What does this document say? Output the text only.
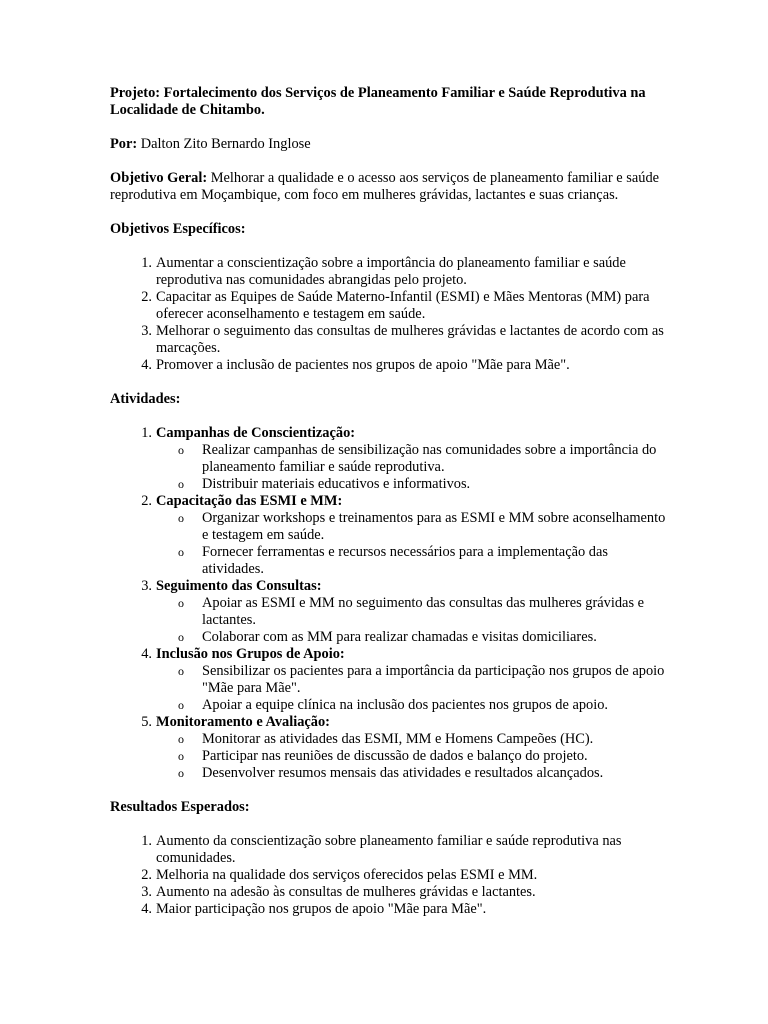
Projeto: Fortalecimento dos Serviços de Planeamento Familiar e Saúde Reprodutiva na Localidade de Chitambo.

Por: Dalton Zito Bernardo Inglose

Objetivo Geral: Melhorar a qualidade e o acesso aos serviços de planeamento familiar e saúde reprodutiva em Moçambique, com foco em mulheres grávidas, lactantes e suas crianças.

Objetivos Específicos:

1. Aumentar a conscientização sobre a importância do planeamento familiar e saúde reprodutiva nas comunidades abrangidas pelo projeto.
2. Capacitar as Equipes de Saúde Materno-Infantil (ESMI) e Mães Mentoras (MM) para oferecer aconselhamento e testagem em saúde.
3. Melhorar o seguimento das consultas de mulheres grávidas e lactantes de acordo com as marcações.
4. Promover a inclusão de pacientes nos grupos de apoio "Mãe para Mãe".

Atividades:

1. Campanhas de Conscientização:
o Realizar campanhas de sensibilização nas comunidades sobre a importância do planeamento familiar e saúde reprodutiva.
o Distribuir materiais educativos e informativos.
2. Capacitação das ESMI e MM:
o Organizar workshops e treinamentos para as ESMI e MM sobre aconselhamento e testagem em saúde.
o Fornecer ferramentas e recursos necessários para a implementação das atividades.
3. Seguimento das Consultas:
o Apoiar as ESMI e MM no seguimento das consultas das mulheres grávidas e lactantes.
o Colaborar com as MM para realizar chamadas e visitas domiciliares.
4. Inclusão nos Grupos de Apoio:
o Sensibilizar os pacientes para a importância da participação nos grupos de apoio "Mãe para Mãe".
o Apoiar a equipe clínica na inclusão dos pacientes nos grupos de apoio.
5. Monitoramento e Avaliação:
o Monitorar as atividades das ESMI, MM e Homens Campeões (HC).
o Participar nas reuniões de discussão de dados e balanço do projeto.
o Desenvolver resumos mensais das atividades e resultados alcançados.

Resultados Esperados:

1. Aumento da conscientização sobre planeamento familiar e saúde reprodutiva nas comunidades.
2. Melhoria na qualidade dos serviços oferecidos pelas ESMI e MM.
3. Aumento na adesão às consultas de mulheres grávidas e lactantes.
4. Maior participação nos grupos de apoio "Mãe para Mãe".
